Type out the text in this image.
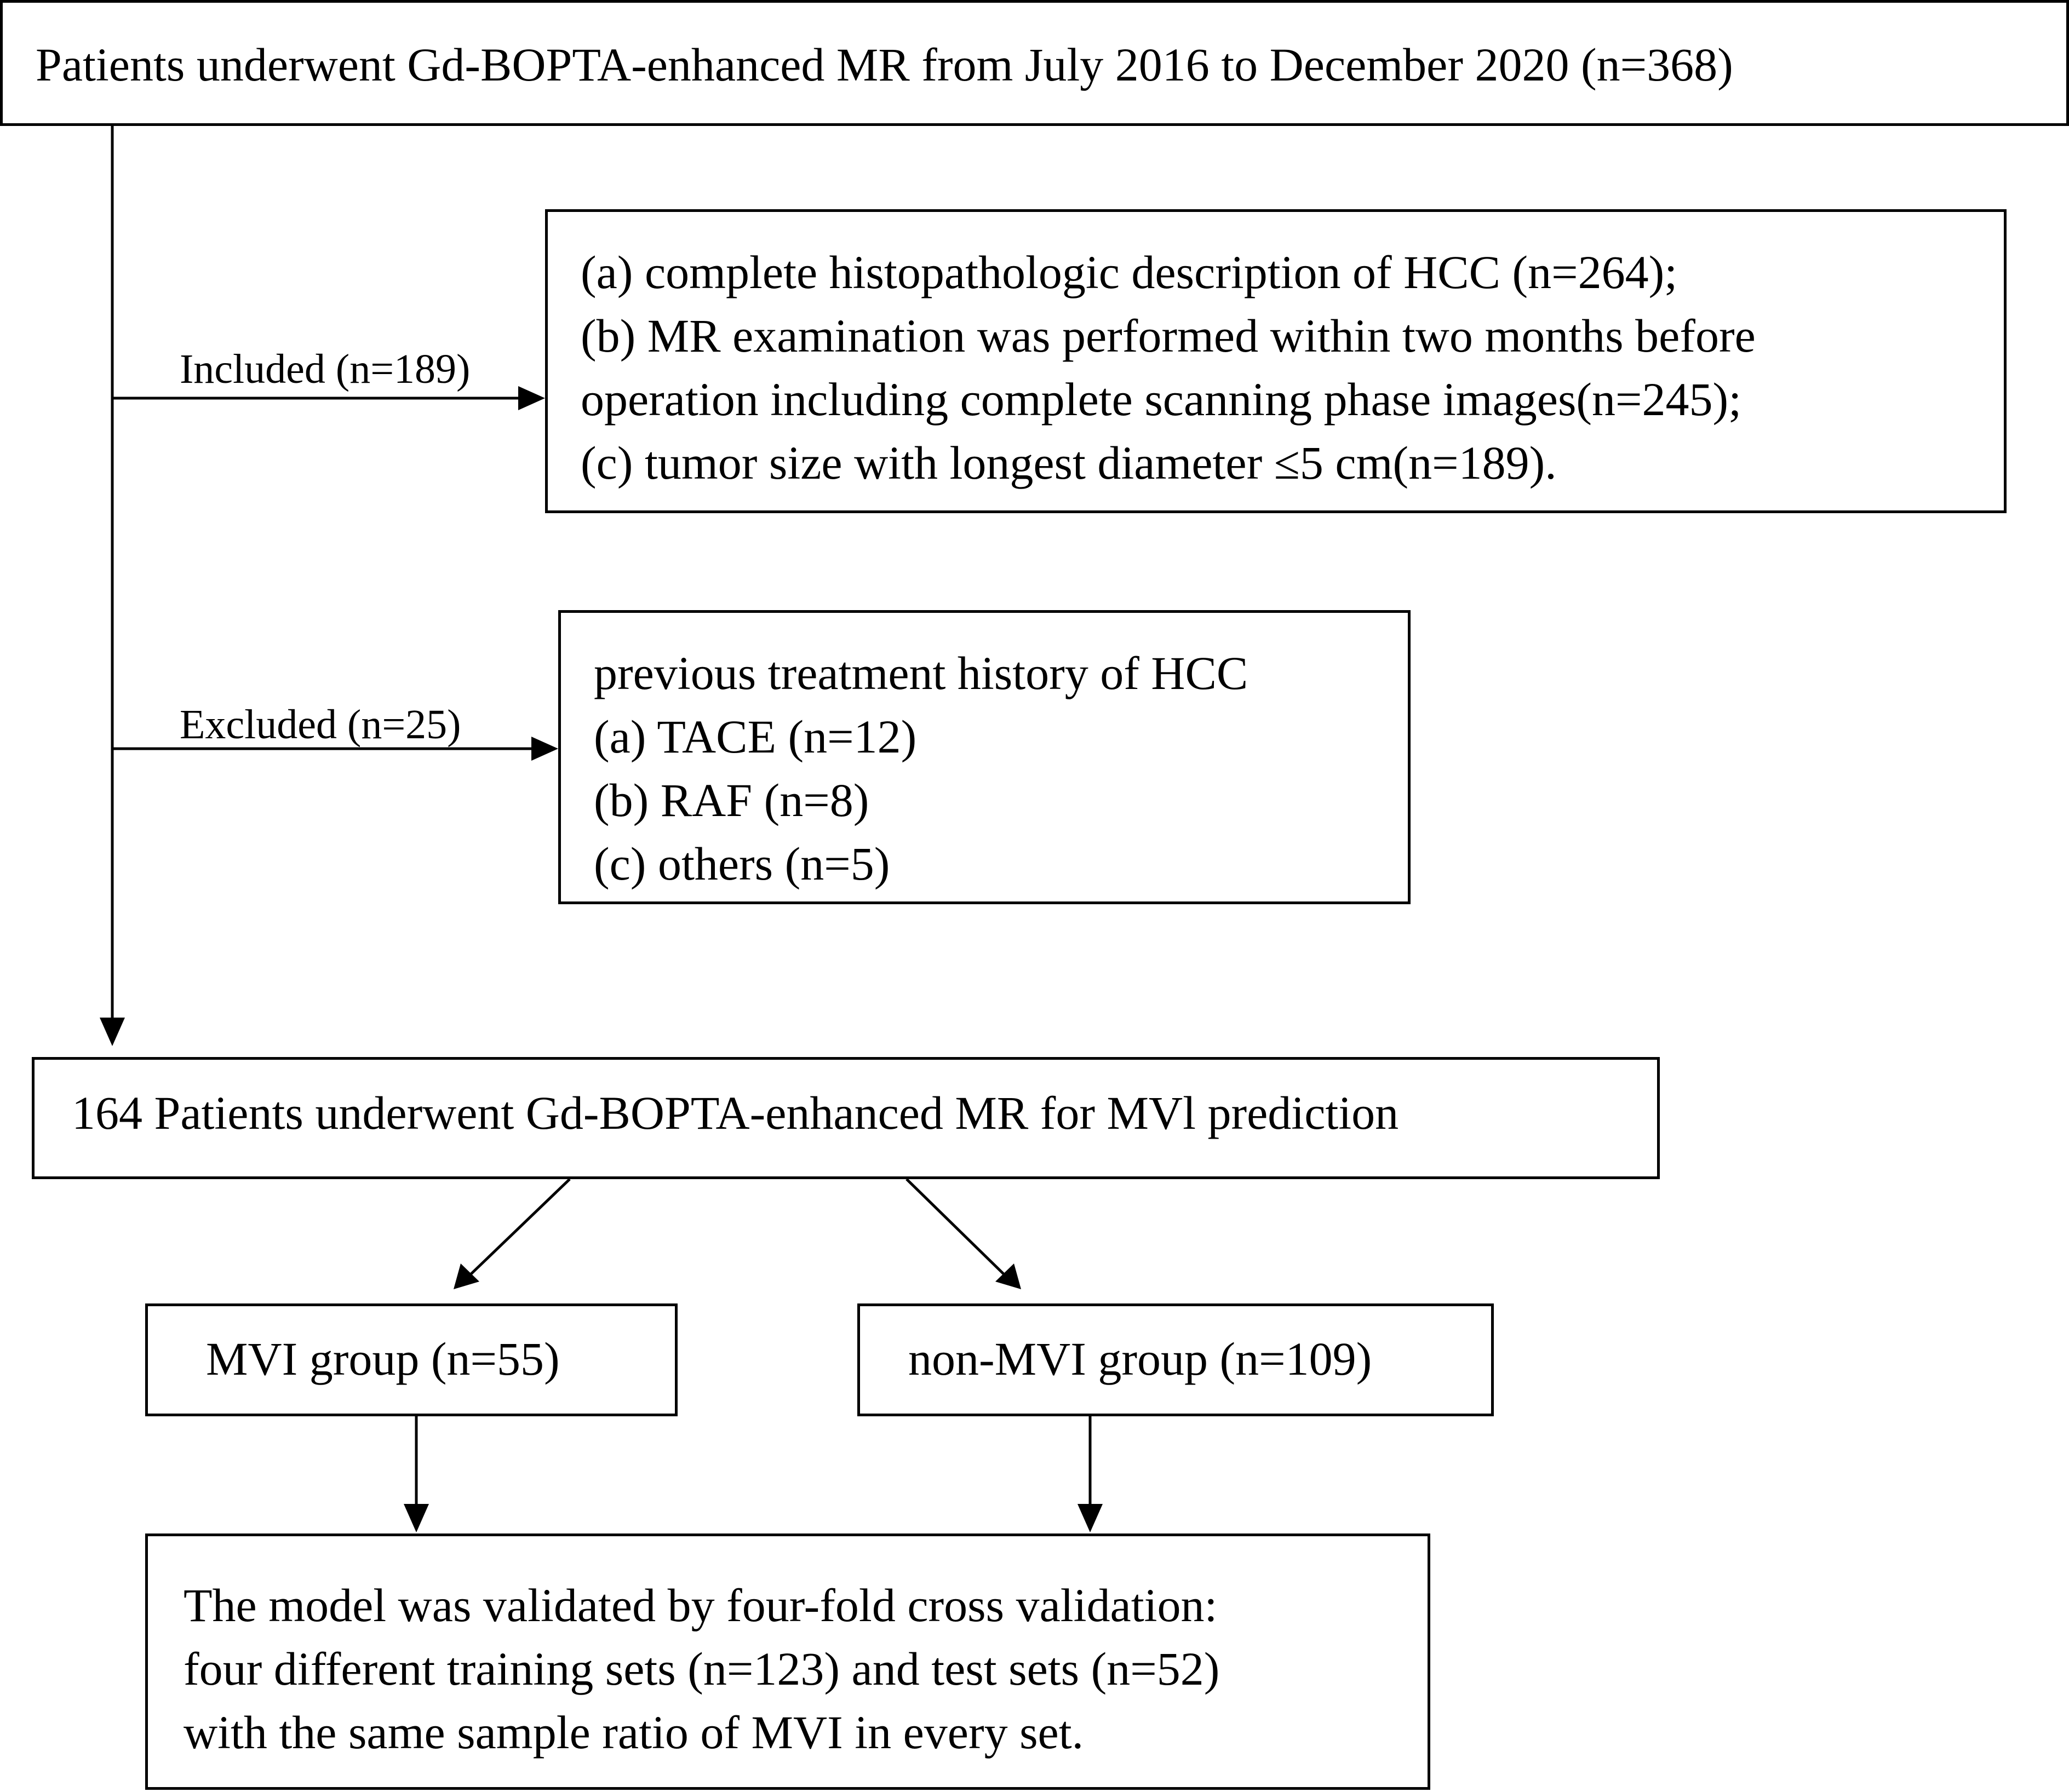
Patients underwent Gd-BOPTA-enhanced MR from July 2016 to December 2020 (n=368)
Included (n=189)
(a) complete histopathologic description of HCC (n=264);
(b) MR examination was performed within two months before
operation including complete scanning phase images(n=245);
(c) tumor size with longest diameter ≤5 cm(n=189).
Excluded (n=25)
previous treatment history of HCC
(a) TACE (n=12)
(b) RAF (n=8)
(c) others (n=5)
164 Patients underwent Gd-BOPTA-enhanced MR for MVl prediction
MVI group (n=55)	non-MVI group (n=109)
The model was validated by four-fold cross validation:
four different training sets (n=123) and test sets (n=52)
with the same sample ratio of MVI in every set.
